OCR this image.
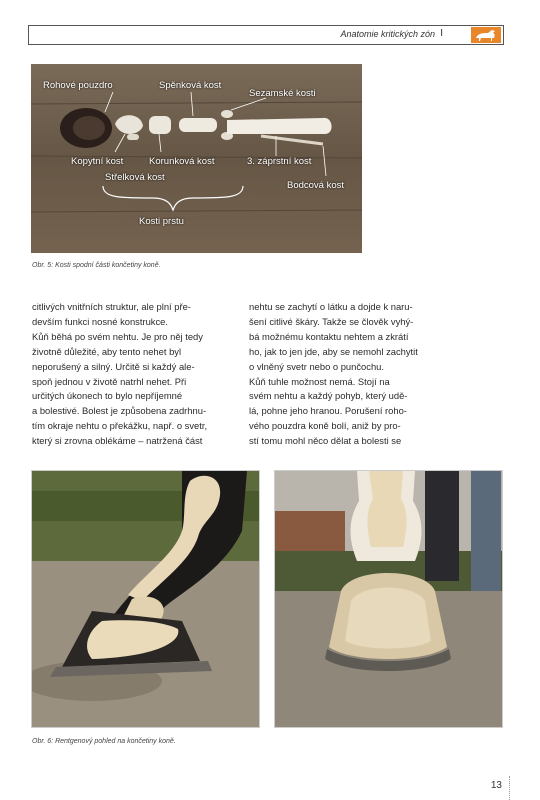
Anatomie kritických zón I
Rohové pouzdro	Spěnková kost
Sezamské kosti
Kopytní kost	Korunková kost	3. záprstní kost
Střelková kost
Bodcová kost
Kosti prstu
Obr. 5: Kosti spodní části končetiny koně.

citlivých vnitřních struktur, ale plní pře-

devším funkci nosné konstrukce.

Kůň běhá po svém nehtu. Je pro něj tedy

životně důležité, aby tento nehet byl

neporušený a silný. Určitě si každý ale-

spoň jednou v životě natrhl nehet. Při

určitých úkonech to bylo nepříjemné

a bolestivé. Bolest je způsobena zadrhnu-

tím okraje nehtu o překážku, např. o svetr,

který si zrovna oblékáme – natržená část

nehtu se zachytí o látku a dojde k naru-

šení citlivé škáry. Takže se člověk vyhý-

bá možnému kontaktu nehtem a zkrátí

ho, jak to jen jde, aby se nemohl zachytit

o vlněný svetr nebo o punčochu.

Kůň tuhle možnost nemá. Stojí na

svém nehtu a každý pohyb, který udě-

lá, pohne jeho hranou. Porušení roho-

vého pouzdra koně bolí, aniž by pro-

stí tomu mohl něco dělat a bolesti se

Obr. 6: Rentgenový pohled na končetiny koně.
13
